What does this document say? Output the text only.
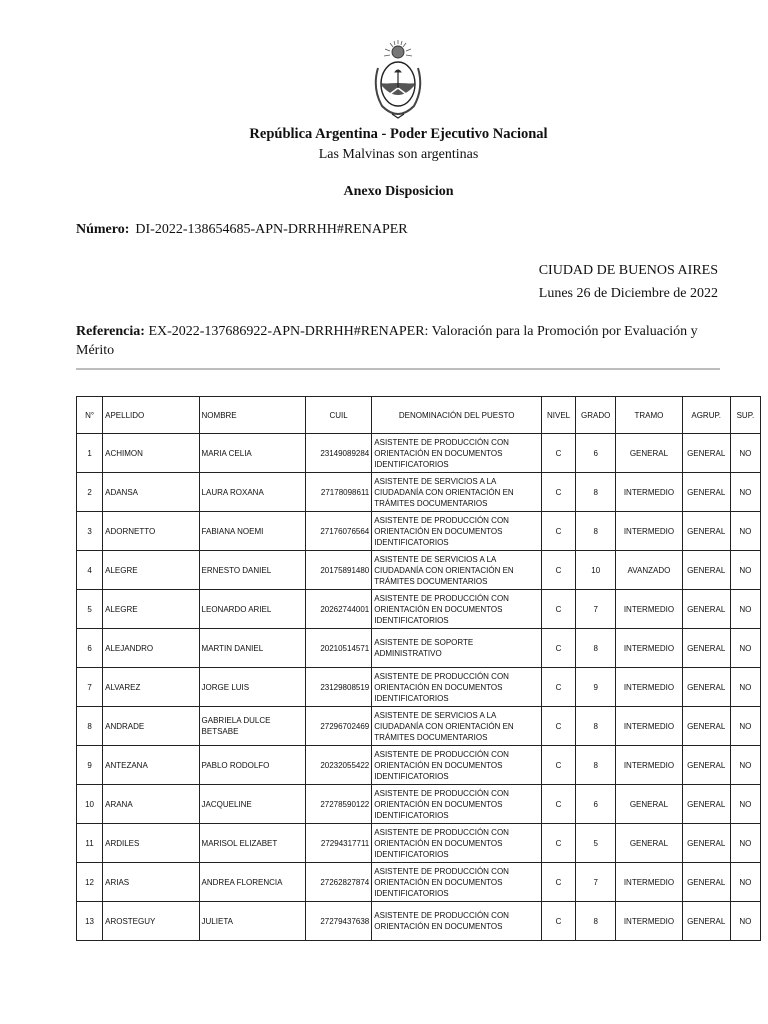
República Argentina - Poder Ejecutivo Nacional
Las Malvinas son argentinas
Anexo Disposicion
Número: DI-2022-138654685-APN-DRRHH#RENAPER
CIUDAD DE BUENOS AIRES
Lunes 26 de Diciembre de 2022
Referencia: EX-2022-137686922-APN-DRRHH#RENAPER: Valoración para la Promoción por Evaluación y Mérito
N°	APELLIDO	NOMBRE	CUIL	DENOMINACIÓN DEL PUESTO	NIVEL	GRADO	TRAMO	AGRUP.	SUP.
1	ACHIMON	MARIA CELIA	23149089284	ASISTENTE DE PRODUCCIÓN CON ORIENTACIÓN EN DOCUMENTOS IDENTIFICATORIOS	C	6	GENERAL	GENERAL	NO
2	ADANSA	LAURA ROXANA	27178098611	ASISTENTE DE SERVICIOS A LA CIUDADANÍA CON ORIENTACIÓN EN TRÁMITES DOCUMENTARIOS	C	8	INTERMEDIO	GENERAL	NO
3	ADORNETTO	FABIANA NOEMI	27176076564	ASISTENTE DE PRODUCCIÓN CON ORIENTACIÓN EN DOCUMENTOS IDENTIFICATORIOS	C	8	INTERMEDIO	GENERAL	NO
4	ALEGRE	ERNESTO DANIEL	20175891480	ASISTENTE DE SERVICIOS A LA CIUDADANÍA CON ORIENTACIÓN EN TRÁMITES DOCUMENTARIOS	C	10	AVANZADO	GENERAL	NO
5	ALEGRE	LEONARDO ARIEL	20262744001	ASISTENTE DE PRODUCCIÓN CON ORIENTACIÓN EN DOCUMENTOS IDENTIFICATORIOS	C	7	INTERMEDIO	GENERAL	NO
6	ALEJANDRO	MARTIN DANIEL	20210514571	ASISTENTE DE SOPORTE ADMINISTRATIVO	C	8	INTERMEDIO	GENERAL	NO
7	ALVAREZ	JORGE LUIS	23129808519	ASISTENTE DE PRODUCCIÓN CON ORIENTACIÓN EN DOCUMENTOS IDENTIFICATORIOS	C	9	INTERMEDIO	GENERAL	NO
8	ANDRADE	GABRIELA DULCE BETSABE	27296702469	ASISTENTE DE SERVICIOS A LA CIUDADANÍA CON ORIENTACIÓN EN TRÁMITES DOCUMENTARIOS	C	8	INTERMEDIO	GENERAL	NO
9	ANTEZANA	PABLO RODOLFO	20232055422	ASISTENTE DE PRODUCCIÓN CON ORIENTACIÓN EN DOCUMENTOS IDENTIFICATORIOS	C	8	INTERMEDIO	GENERAL	NO
10	ARANA	JACQUELINE	27278590122	ASISTENTE DE PRODUCCIÓN CON ORIENTACIÓN EN DOCUMENTOS IDENTIFICATORIOS	C	6	GENERAL	GENERAL	NO
11	ARDILES	MARISOL ELIZABET	27294317711	ASISTENTE DE PRODUCCIÓN CON ORIENTACIÓN EN DOCUMENTOS IDENTIFICATORIOS	C	5	GENERAL	GENERAL	NO
12	ARIAS	ANDREA FLORENCIA	27262827874	ASISTENTE DE PRODUCCIÓN CON ORIENTACIÓN EN DOCUMENTOS IDENTIFICATORIOS	C	7	INTERMEDIO	GENERAL	NO
13	AROSTEGUY	JULIETA	27279437638	ASISTENTE DE PRODUCCIÓN CON ORIENTACIÓN EN DOCUMENTOS	C	8	INTERMEDIO	GENERAL	NO
